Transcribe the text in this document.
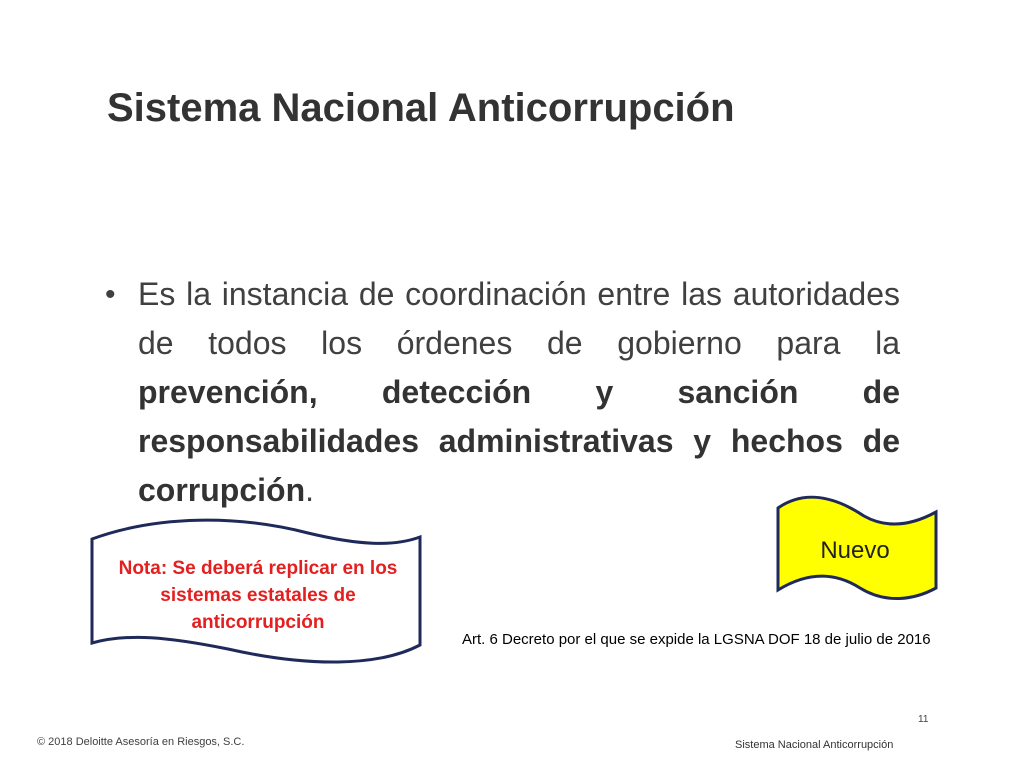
Sistema Nacional Anticorrupción
• Es la instancia de coordinación entre las autoridades de todos los órdenes de gobierno para la prevención, detección y sanción de responsabilidades administrativas y hechos de corrupción.
Nota: Se deberá replicar en los sistemas estatales de anticorrupción
Nuevo
Art. 6 Decreto por el que se expide la LGSNA DOF 18 de julio de 2016
11
© 2018 Deloitte Asesoría en Riesgos, S.C.	Sistema Nacional Anticorrupción
